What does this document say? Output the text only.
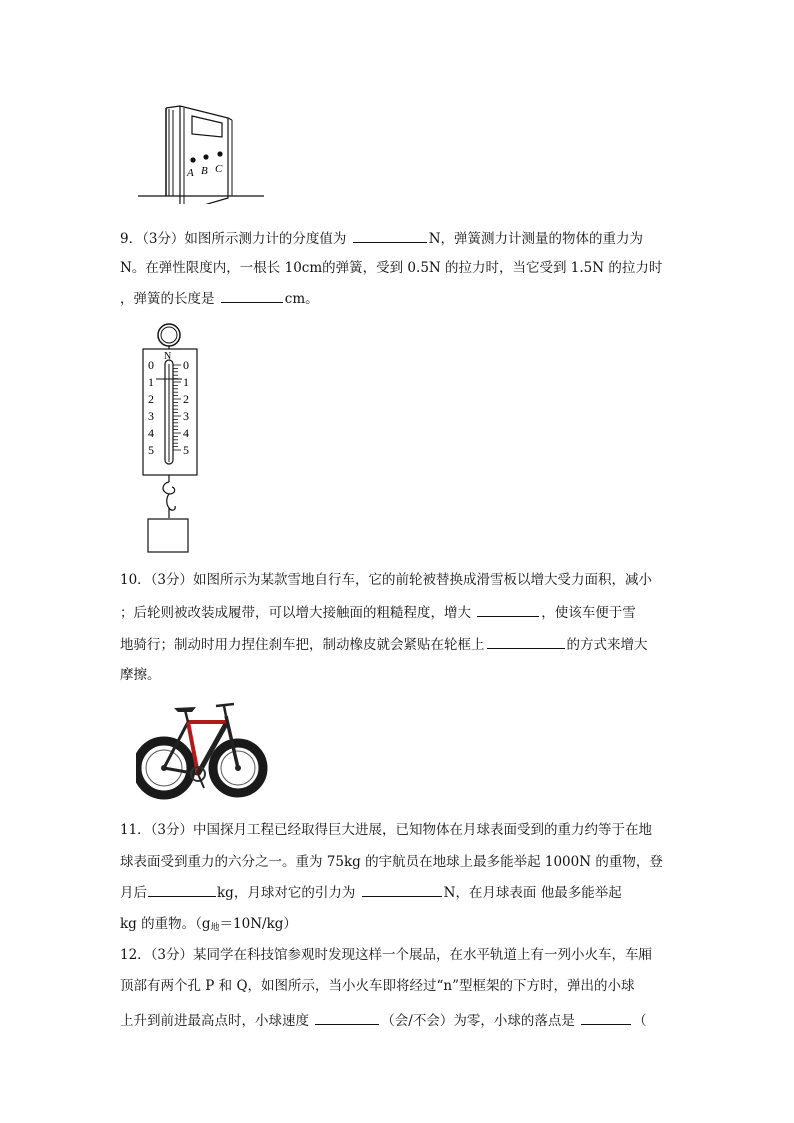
A B C
9．（3分）如图所示测力计的分度值为	N，弹簧测力计测量的物体的重力为
N。在弹性限度内，一根长 10cm的弹簧，受到 0.5N 的拉力时，当它受到 1.5N 的拉力时
，弹簧的长度是	cm。
N
0
1
2
3
4
5
0
1
2
3
4
5
10．（3分）如图所示为某款雪地自行车，它的前轮被替换成滑雪板以增大受力面积，减小
；后轮则被改装成履带，可以增大接触面的粗糙程度，增大	，使该车便于雪
地骑行；制动时用力捏住刹车把，制动橡皮就会紧贴在轮框上	的方式来增大
摩擦。
11．（3分）中国探月工程已经取得巨大进展，已知物体在月球表面受到的重力约等于在地
球表面受到重力的六分之一。重为 75kg 的宇航员在地球上最多能举起 1000N 的重物，登
月后	kg，月球对它的引力为	N，在月球表面 他最多能举起
kg 的重物。$(g_地=10N/kg)$
12．（3分）某同学在科技馆参观时发现这样一个展品，在水平轨道上有一列小火车，车厢
顶部有两个孔 P 和 Q，如图所示，当小火车即将经过“n”型框架的下方时，弹出的小球
上升到前进最高点时，小球速度	（会/不会）为零，小球的落点是	（
